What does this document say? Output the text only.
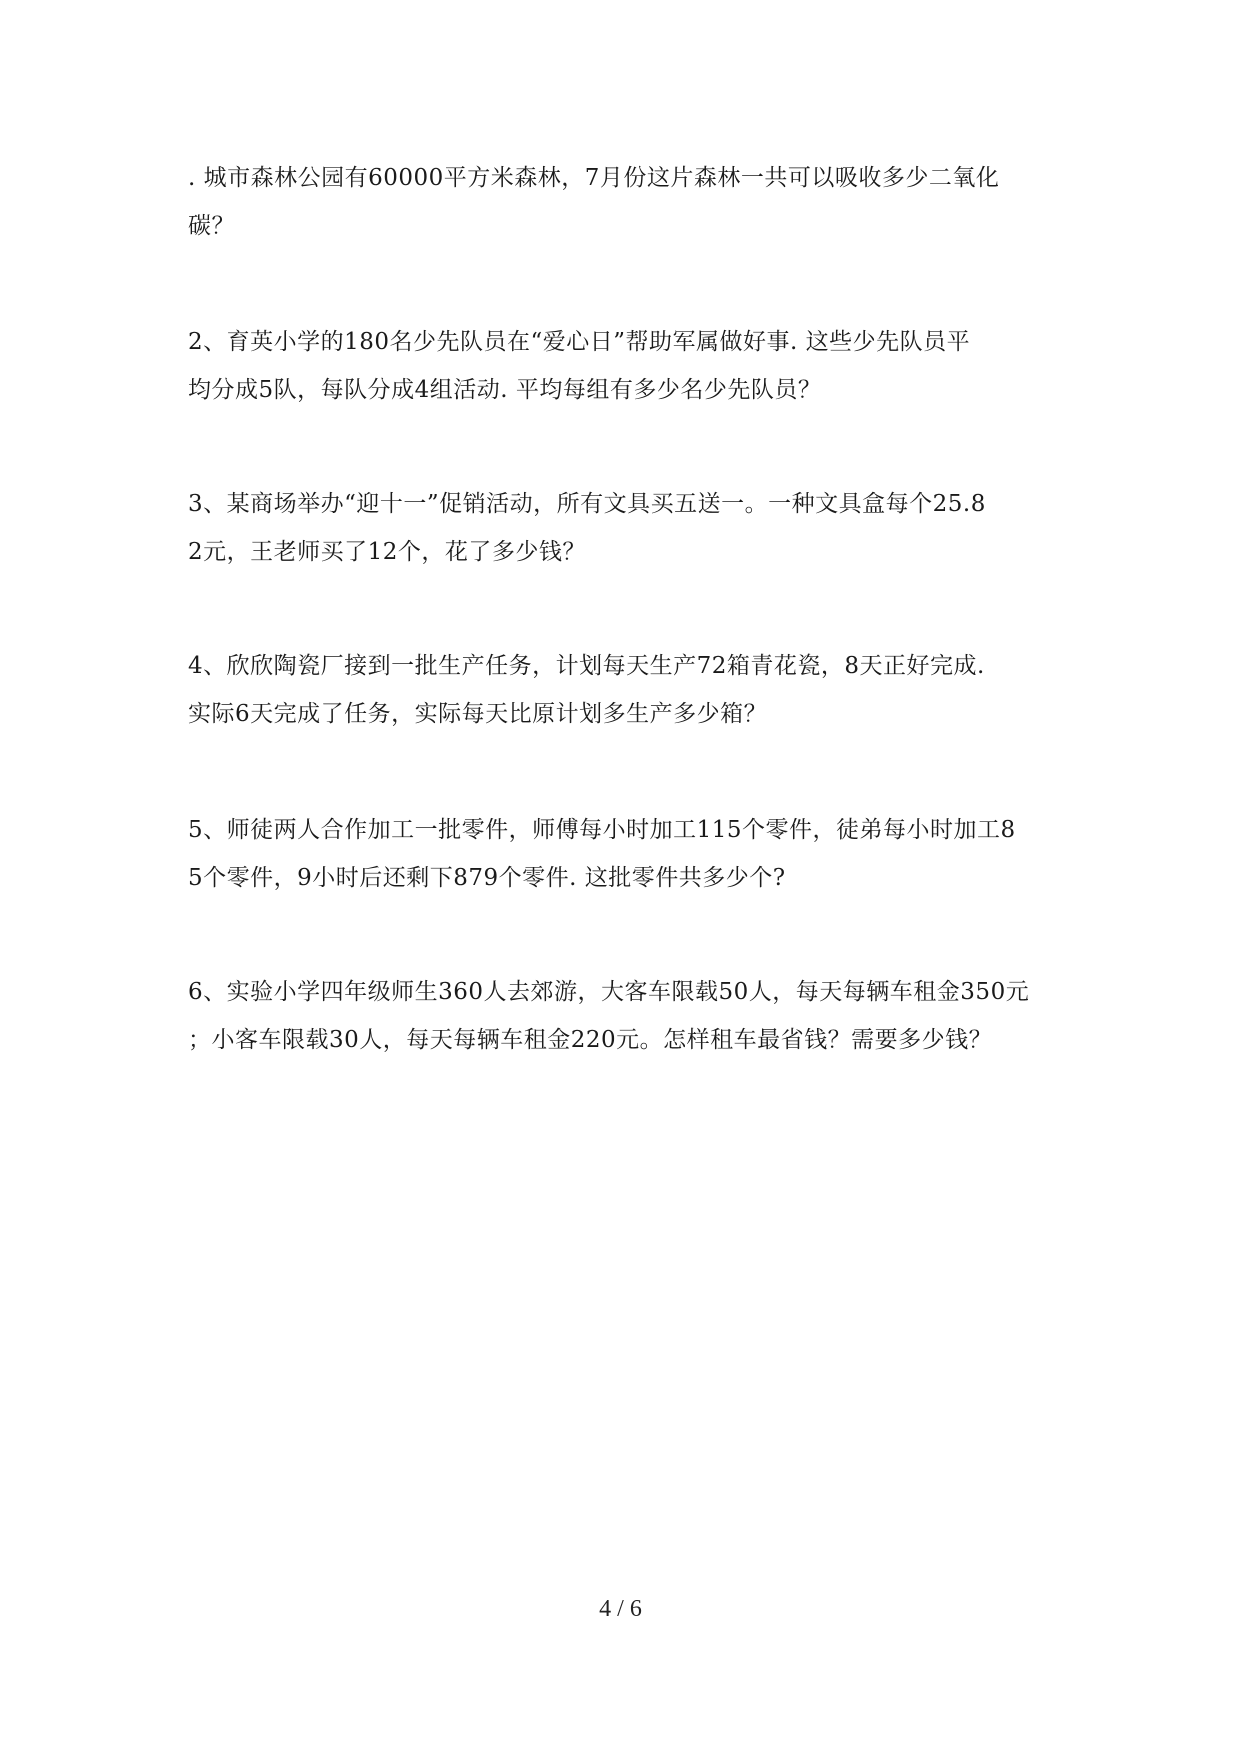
. 城市森林公园有60000平方米森林，7月份这片森林一共可以吸收多少二氧化
碳？
2、育英小学的180名少先队员在“爱心日”帮助军属做好事. 这些少先队员平
均分成5队，每队分成4组活动. 平均每组有多少名少先队员？
3、某商场举办“迎十一”促销活动，所有文具买五送一。一种文具盒每个25.8
2元，王老师买了12个，花了多少钱？
4、欣欣陶瓷厂接到一批生产任务，计划每天生产72箱青花瓷，8天正好完成.
实际6天完成了任务，实际每天比原计划多生产多少箱？
5、师徒两人合作加工一批零件，师傅每小时加工115个零件，徒弟每小时加工8
5个零件，9小时后还剩下879个零件. 这批零件共多少个?
6、实验小学四年级师生360人去郊游，大客车限载50人，每天每辆车租金350元
；小客车限载30人，每天每辆车租金220元。怎样租车最省钱？需要多少钱？
4 / 6
